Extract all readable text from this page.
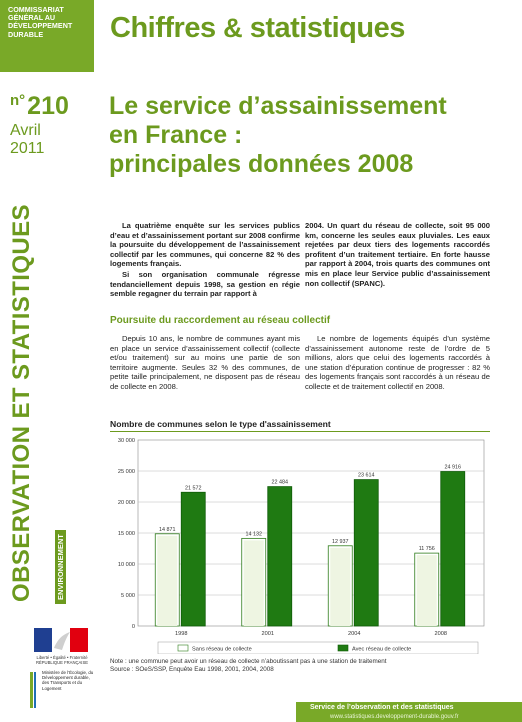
COMMISSARIAT GÉNÉRAL AU DÉVELOPPEMENT DURABLE	Chiffres & statistiques
$^{n^\circ}$210
Avril
2011
Le service d’assainissement
en France :
principales données 2008
OBSERVATION ET STATISTIQUES	ENVIRONNEMENT

La quatrième enquête sur les services publics d’eau et d’assainissement portant sur 2008 confirme la poursuite du développement de l’assainissement collectif par les communes, qui concerne 82 % des logements français.

Si son organisation communale régresse tendanciellement depuis 1998, sa gestion en régie semble regagner du terrain par rapport à

2004. Un quart du réseau de collecte, soit 95 000 km, concerne les seules eaux pluviales. Les eaux rejetées par deux tiers des logements raccordés profitent d’un traitement tertiaire. En forte hausse par rapport à 2004, trois quarts des communes ont mis en place leur Service public d’assainissement non collectif (SPANC).

Poursuite du raccordement au réseau collectif

Depuis 10 ans, le nombre de communes ayant mis en place un service d’assainissement collectif (collecte et/ou traitement) sur au moins une partie de son territoire augmente. Seules 32 % des communes, de petite taille principalement, ne disposent pas de réseau de collecte en 2008.

Le nombre de logements équipés d’un système d’assainissement autonome reste de l’ordre de 5 millions, alors que celui des logements raccordés à une station d’épuration continue de progresser : 82 % des logements français sont raccordés à un réseau de collecte et de traitement collectif en 2008.

Nombre de communes selon le type d'assainissement
0
5 000
10 000
15 000
20 000
25 000
30 000
14 871
21 572
14 132
22 484
12 937
23 614
11 756
24 916
1998	2001	2004	2008
Sans réseau de collecte	Avec réseau de collecte
Note : une commune peut avoir un réseau de collecte n’aboutissant pas à une station de traitement
Source : SOeS/SSP, Enquête Eau 1998, 2001, 2004, 2008
Liberté • Égalité • Fraternité RÉPUBLIQUE FRANÇAISE
Ministère de l’Écologie, du Développement durable, des Transports et du Logement
Service de l’observation et des statistiques
www.statistiques.developpement-durable.gouv.fr
